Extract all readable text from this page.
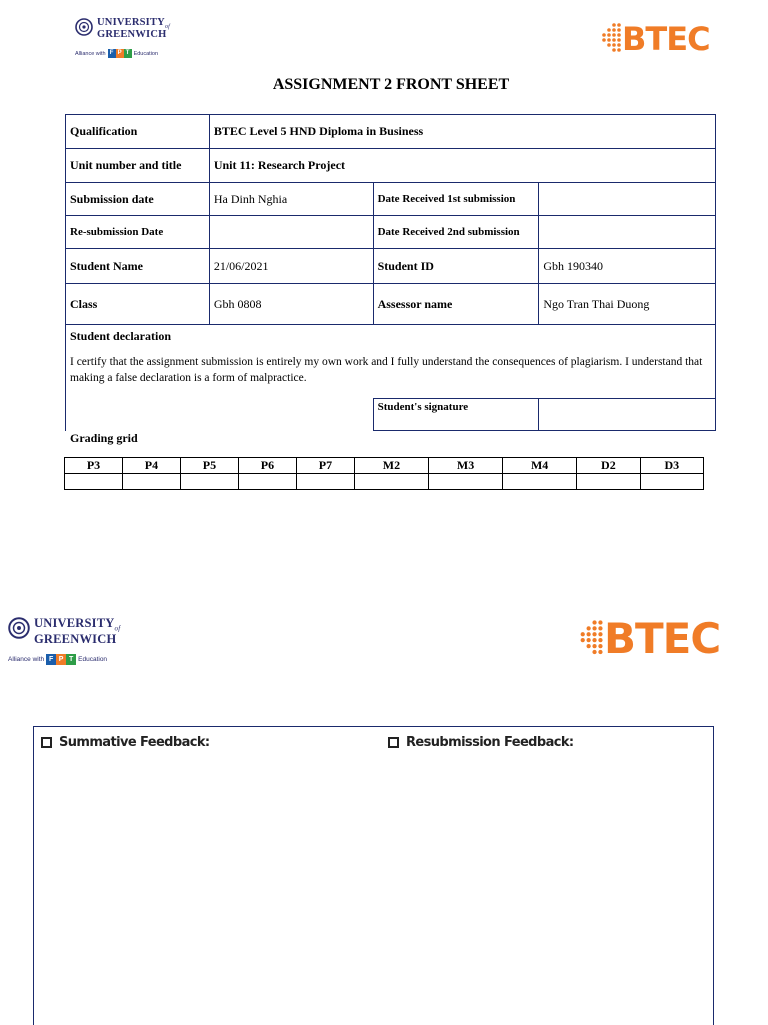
$UNIVERSITY_{of}$
GREENWICH
Alliance with F P T Education	BTEC
ASSIGNMENT 2 FRONT SHEET
Qualification	BTEC Level 5 HND Diploma in Business		
Unit number and title	Unit 11: Research Project		
Submission date	Ha Dinh Nghia	Date Received 1st submission	
Re-submission Date		Date Received 2nd submission	
Student Name	21/06/2021	Student ID	Gbh 190340
Class	Gbh 0808	Assessor name	Ngo Tran Thai Duong

Student declaration
I certify that the assignment submission is entirely my own work and I fully understand the consequences of plagiarism. I understand that making a false declaration is a form of malpractice.			

		Student's signature	
Grading grid
P3	P4	P5	P6	P7	M2	M3	M4	D2	D3

$UNIVERSITY_{of}$
GREENWICH
Alliance with F P T Education	BTEC
Summative Feedback:	Resubmission Feedback:
